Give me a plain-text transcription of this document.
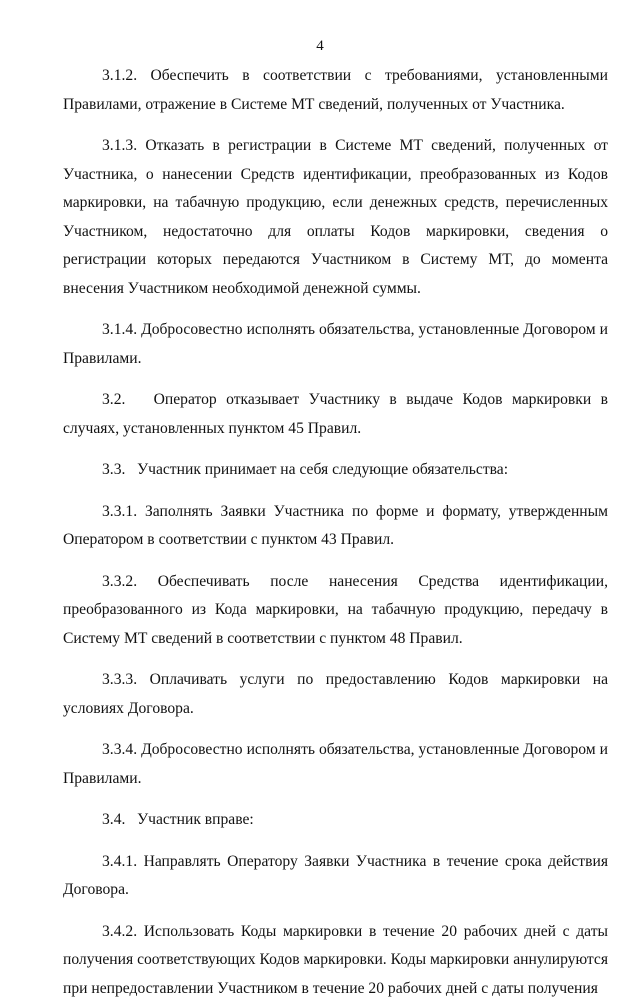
4

3.1.2. Обеспечить в соответствии с требованиями, установленными Правилами, отражение в Системе МТ сведений, полученных от Участника.

3.1.3. Отказать в регистрации в Системе МТ сведений, полученных от Участника, о нанесении Средств идентификации, преобразованных из Кодов маркировки, на табачную продукцию, если денежных средств, перечисленных Участником, недостаточно для оплаты Кодов маркировки, сведения о регистрации которых передаются Участником в Систему МТ, до момента внесения Участником необходимой денежной суммы.

3.1.4. Добросовестно исполнять обязательства, установленные Договором и Правилами.

3.2.   Оператор отказывает Участнику в выдаче Кодов маркировки в случаях, установленных пунктом 45 Правил.

3.3.   Участник принимает на себя следующие обязательства:

3.3.1. Заполнять Заявки Участника по форме и формату, утвержденным Оператором в соответствии с пунктом 43 Правил.

3.3.2. Обеспечивать после нанесения Средства идентификации, преобразованного из Кода маркировки, на табачную продукцию, передачу в Систему МТ сведений в соответствии с пунктом 48 Правил.

3.3.3. Оплачивать услуги по предоставлению Кодов маркировки на условиях Договора.

3.3.4. Добросовестно исполнять обязательства, установленные Договором и Правилами.

3.4.   Участник вправе:

3.4.1. Направлять Оператору Заявки Участника в течение срока действия Договора.

3.4.2. Использовать Коды маркировки в течение 20 рабочих дней с даты получения соответствующих Кодов маркировки. Коды маркировки аннулируются при непредоставлении Участником в течение 20 рабочих дней с даты получения
